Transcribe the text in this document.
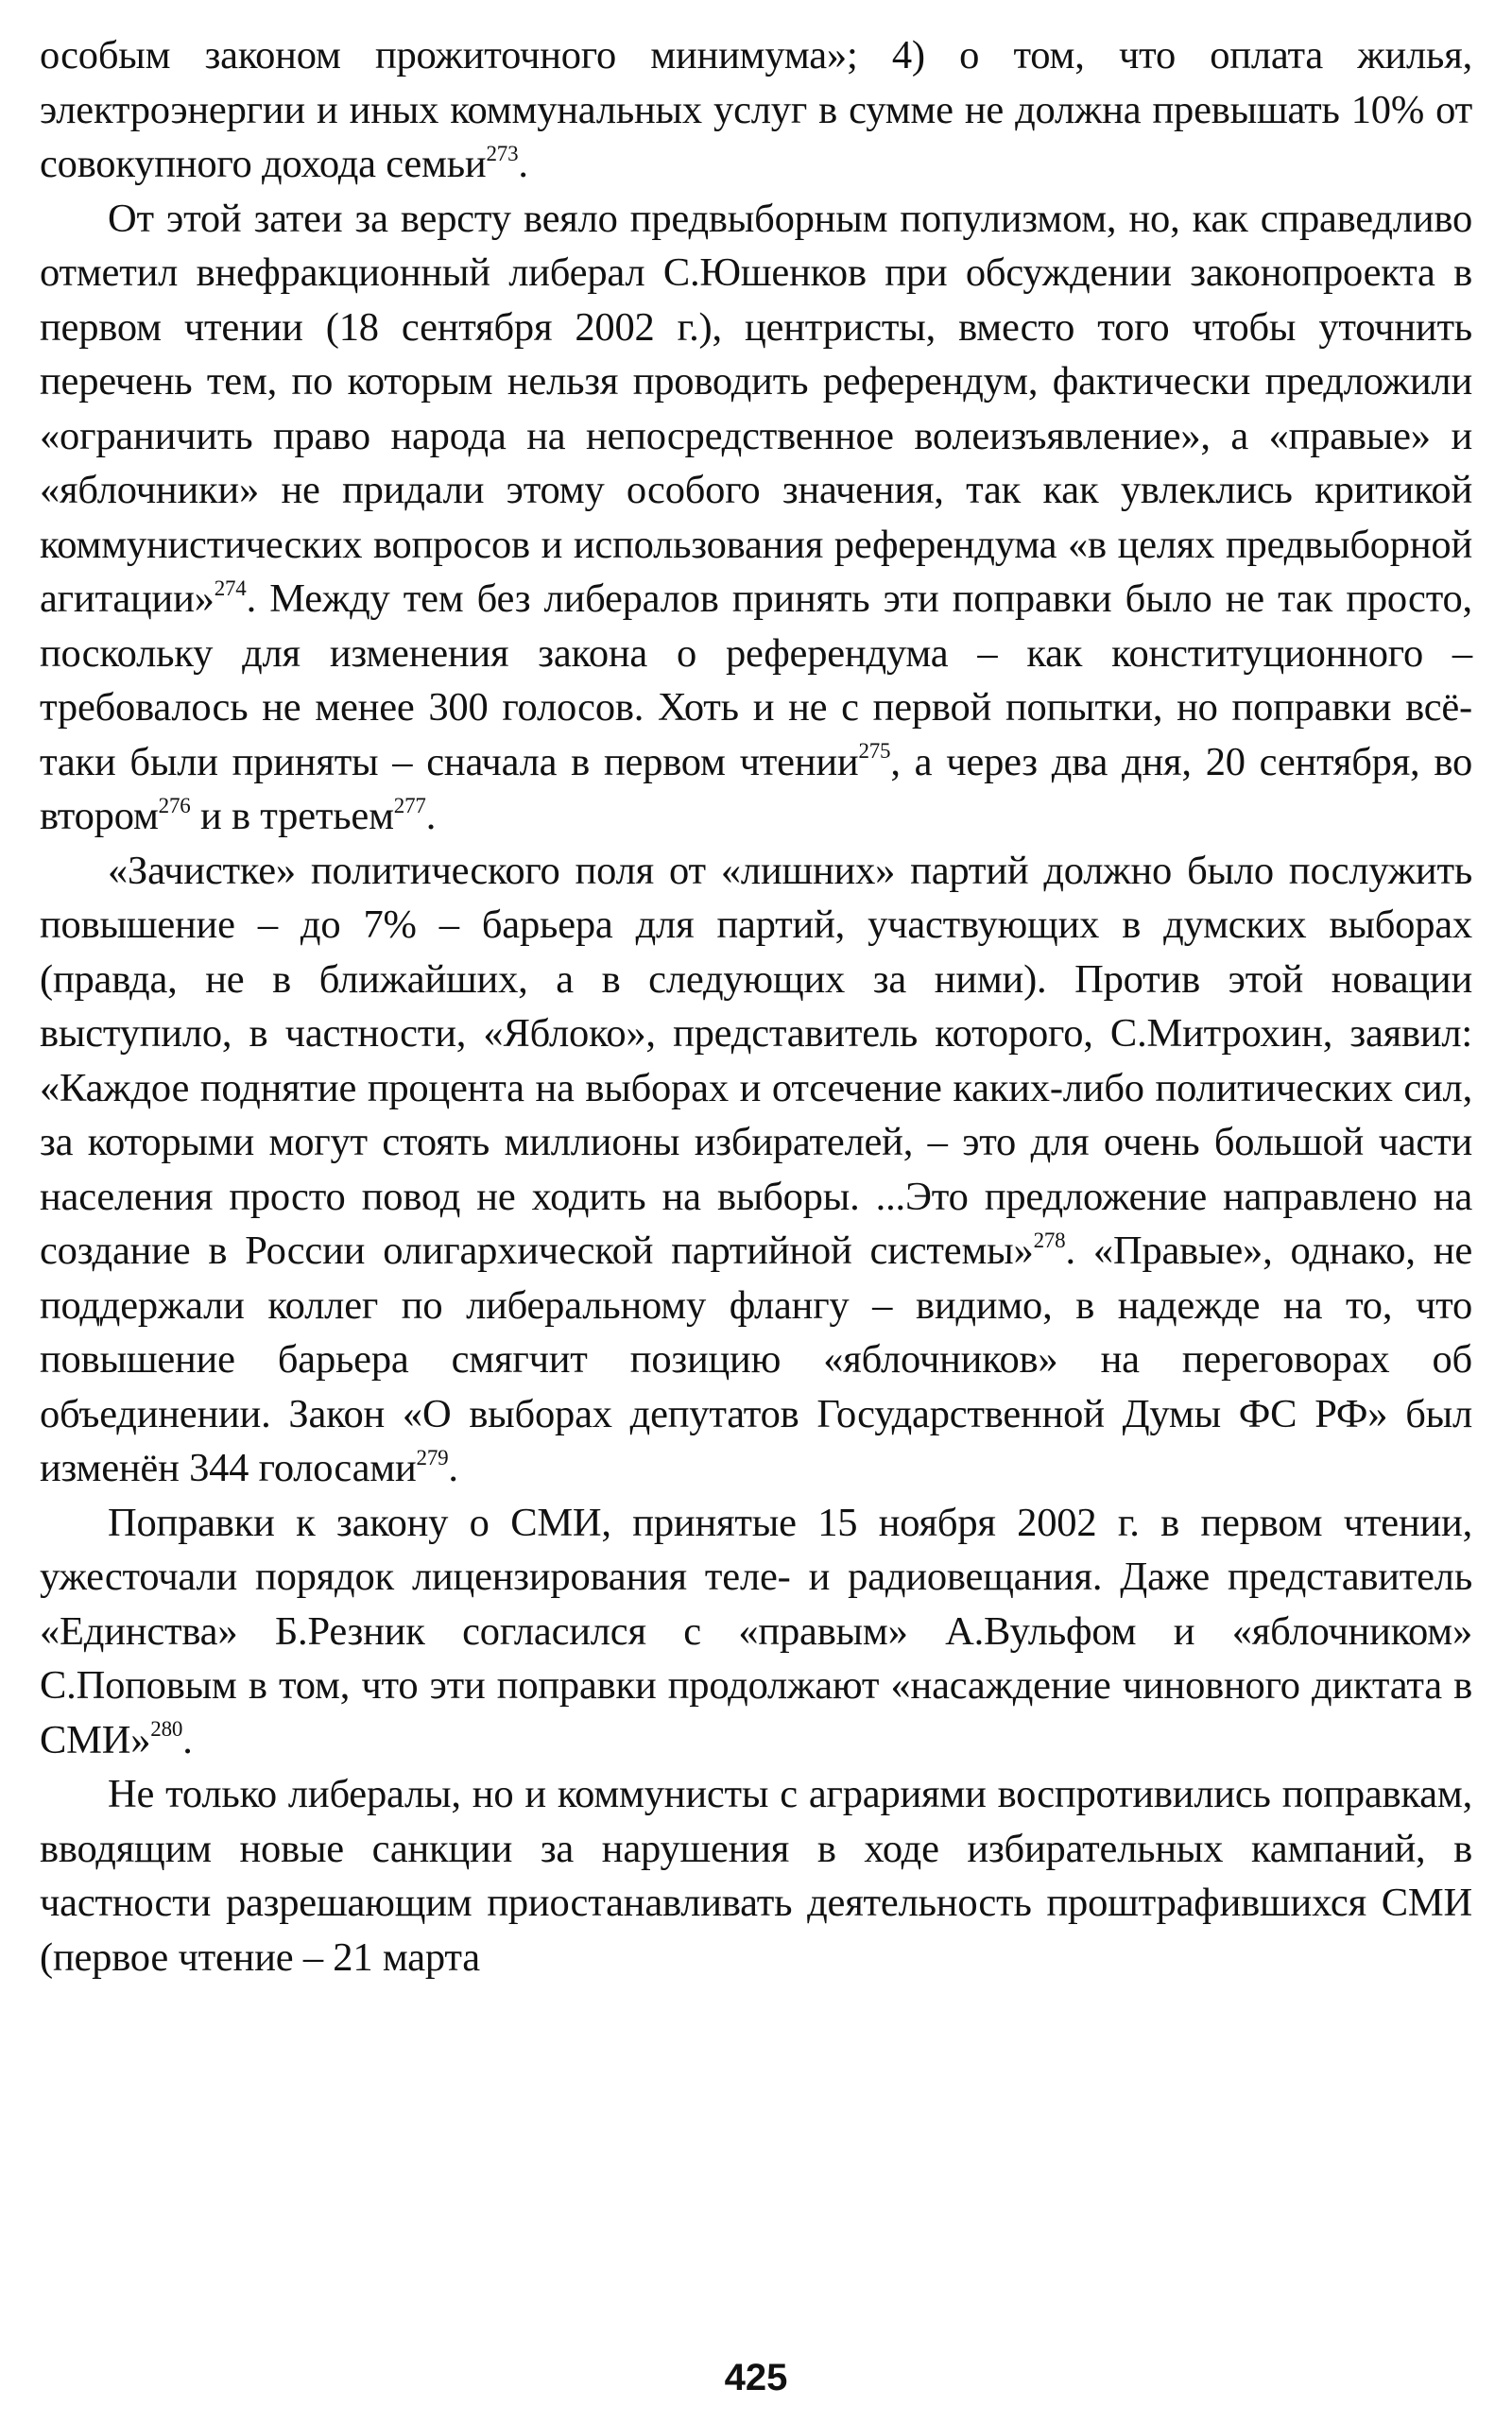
особым законом прожиточного минимума»; 4) о том, что оплата жилья, электроэнергии и иных коммунальных услуг в сумме не должна превышать 10% от совокупного дохода семьи$^{273}$.

От этой затеи за версту веяло предвыборным популизмом, но, как справедливо отметил внефракционный либерал С.Юшенков при обсуждении законопроекта в первом чтении (18 сентября 2002 г.), центристы, вместо того чтобы уточнить перечень тем, по которым нельзя проводить референдум, фактически предложили «ограничить право народа на непосредственное волеизъявление», а «правые» и «яблочники» не придали этому особого значения, так как увлеклись критикой коммунистических вопросов и использования референдума «в целях предвыборной агитации»$^{274}$. Между тем без либералов принять эти поправки было не так просто, поскольку для изменения закона о референдума – как конституционного – требовалось не менее 300 голосов. Хоть и не с первой попытки, но поправки всё-таки были приняты – сначала в первом чтении$^{275}$, а через два дня, 20 сентября, во втором$^{276}$ и в третьем$^{277}$.

«Зачистке» политического поля от «лишних» партий должно было послужить повышение – до 7% – барьера для партий, участвующих в думских выборах (правда, не в ближайших, а в следующих за ними). Против этой новации выступило, в частности, «Яблоко», представитель которого, С.Митрохин, заявил: «Каждое поднятие процента на выборах и отсечение каких-либо политических сил, за которыми могут стоять миллионы избирателей, – это для очень большой части населения просто повод не ходить на выборы. ...Это предложение направлено на создание в России олигархической партийной системы»$^{278}$. «Правые», однако, не поддержали коллег по либеральному флангу – видимо, в надежде на то, что повышение барьера смягчит позицию «яблочников» на переговорах об объединении. Закон «О выборах депутатов Государственной Думы ФС РФ» был изменён 344 голосами$^{279}$.

Поправки к закону о СМИ, принятые 15 ноября 2002 г. в первом чтении, ужесточали порядок лицензирования теле- и радиовещания. Даже представитель «Единства» Б.Резник согласился с «правым» А.Вульфом и «яблочником» С.Поповым в том, что эти поправки продолжают «насаждение чиновного диктата в СМИ»$^{280}$.

Не только либералы, но и коммунисты с аграриями воспротивились поправкам, вводящим новые санкции за нарушения в ходе избирательных кампаний, в частности разрешающим приостанавливать деятельность проштрафившихся СМИ (первое чтение – 21 марта

425
